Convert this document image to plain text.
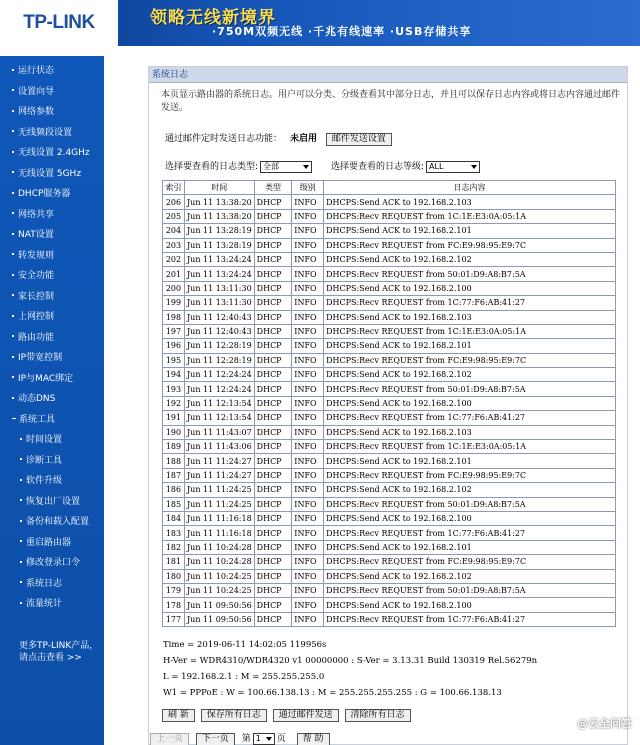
TP-LINK	领略无线新境界
·750M双频无线 ·千兆有线速率 ·USB存储共享
运行状态
设置向导
网络参数
无线频段设置
无线设置 2.4GHz
无线设置 5GHz
DHCP服务器
网络共享
NAT设置
转发规则
安全功能
家长控制
上网控制
路由功能
IP带宽控制
IP与MAC绑定
动态DNS
系统工具
时间设置
诊断工具
软件升级
恢复出厂设置
备份和载入配置
重启路由器
修改登录口令
系统日志
流量统计
更多TP-LINK产品，
请点击查看 >>
系统日志
本页显示路由器的系统日志。用户可以分类、分级查看其中部分日志，并且可以保存日志内容或将日志内容通过邮件发送。
通过邮件定时发送日志功能： 未启用 邮件发送设置
选择要查看的日志类型: 全部	选择要查看的日志等级: ALL
索引	时间	类型	级别	日志内容
206	Jun 11 13:38:20	DHCP	INFO	DHCPS:Send ACK to 192.168.2.103
205	Jun 11 13:38:20	DHCP	INFO	DHCPS:Recv REQUEST from 1C:1E:E3:0A:05:1A
204	Jun 11 13:28:19	DHCP	INFO	DHCPS:Send ACK to 192.168.2.101
203	Jun 11 13:28:19	DHCP	INFO	DHCPS:Recv REQUEST from FC:E9:98:95:E9:7C
202	Jun 11 13:24:24	DHCP	INFO	DHCPS:Send ACK to 192.168.2.102
201	Jun 11 13:24:24	DHCP	INFO	DHCPS:Recv REQUEST from 50:01:D9:A8:B7:5A
200	Jun 11 13:11:30	DHCP	INFO	DHCPS:Send ACK to 192.168.2.100
199	Jun 11 13:11:30	DHCP	INFO	DHCPS:Recv REQUEST from 1C:77:F6:AB:41:27
198	Jun 11 12:40:43	DHCP	INFO	DHCPS:Send ACK to 192.168.2.103
197	Jun 11 12:40:43	DHCP	INFO	DHCPS:Recv REQUEST from 1C:1E:E3:0A:05:1A
196	Jun 11 12:28:19	DHCP	INFO	DHCPS:Send ACK to 192.168.2.101
195	Jun 11 12:28:19	DHCP	INFO	DHCPS:Recv REQUEST from FC:E9:98:95:E9:7C
194	Jun 11 12:24:24	DHCP	INFO	DHCPS:Send ACK to 192.168.2.102
193	Jun 11 12:24:24	DHCP	INFO	DHCPS:Recv REQUEST from 50:01:D9:A8:B7:5A
192	Jun 11 12:13:54	DHCP	INFO	DHCPS:Send ACK to 192.168.2.100
191	Jun 11 12:13:54	DHCP	INFO	DHCPS:Recv REQUEST from 1C:77:F6:AB:41:27
190	Jun 11 11:43:07	DHCP	INFO	DHCPS:Send ACK to 192.168.2.103
189	Jun 11 11:43:06	DHCP	INFO	DHCPS:Recv REQUEST from 1C:1E:E3:0A:05:1A
188	Jun 11 11:24:27	DHCP	INFO	DHCPS:Send ACK to 192.168.2.101
187	Jun 11 11:24:27	DHCP	INFO	DHCPS:Recv REQUEST from FC:E9:98:95:E9:7C
186	Jun 11 11:24:25	DHCP	INFO	DHCPS:Send ACK to 192.168.2.102
185	Jun 11 11:24:25	DHCP	INFO	DHCPS:Recv REQUEST from 50:01:D9:A8:B7:5A
184	Jun 11 11:16:18	DHCP	INFO	DHCPS:Send ACK to 192.168.2.100
183	Jun 11 11:16:18	DHCP	INFO	DHCPS:Recv REQUEST from 1C:77:F6:AB:41:27
182	Jun 11 10:24:28	DHCP	INFO	DHCPS:Send ACK to 192.168.2.101
181	Jun 11 10:24:28	DHCP	INFO	DHCPS:Recv REQUEST from FC:E9:98:95:E9:7C
180	Jun 11 10:24:25	DHCP	INFO	DHCPS:Send ACK to 192.168.2.102
179	Jun 11 10:24:25	DHCP	INFO	DHCPS:Recv REQUEST from 50:01:D9:A8:B7:5A
178	Jun 11 09:50:56	DHCP	INFO	DHCPS:Send ACK to 192.168.2.100
177	Jun 11 09:50:56	DHCP	INFO	DHCPS:Recv REQUEST from 1C:77:F6:AB:41:27
Time = 2019-06-11 14:02:05 119956s
H-Ver = WDR4310/WDR4320 v1 00000000 : S-Ver = 3.13.31 Build 130319 Rel.56279n
L = 192.168.2.1 : M = 255.255.255.0
W1 = PPPoE : W = 100.66.138.13 : M = 255.255.255.255 : G = 100.66.138.13
刷 新 保存所有日志 通过邮件发送 清除所有日志
上一页 下一页 第 1 页 帮 助
@云全问答
